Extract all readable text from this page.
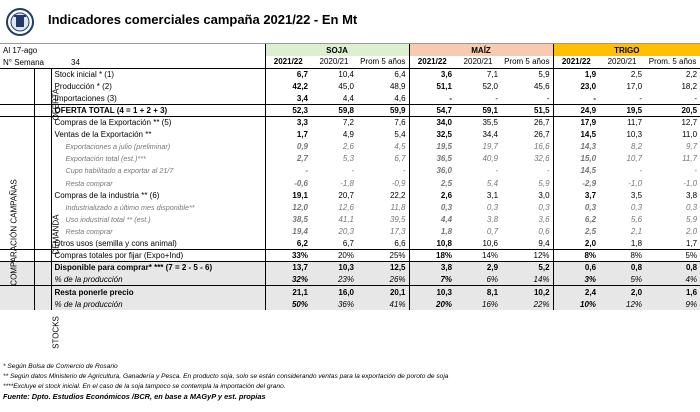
Indicadores comerciales campaña 2021/22 - En Mt
Al 17-ago
N° Semana	34
			SOJA			MAÍZ			TRIGO		
			2021/22	2020/21	Prom 5 años	2021/22	2020/21	Prom 5 años	2021/22	2020/21	Prom. 5 años
		Stock inicial * (1)	6,7	10,4	6,4	3,6	7,1	5,9	1,9	2,5	2,2
		Producción * (2)	42,2	45,0	48,9	51,1	52,0	45,6	23,0	17,0	18,2
		Importaciones (3)	3,4	4,4	4,6	-	-	-	-	-	-
		OFERTA TOTAL (4 = 1 + 2 + 3)	52,3	59,8	59,9	54,7	59,1	51,5	24,9	19,5	20,5
		Compras de la Exportación ** (5)	3,3	7,2	7,6	34,0	35,5	26,7	17,9	11,7	12,7
		Ventas de la Exportación **	1,7	4,9	5,4	32,5	34,4	26,7	14,5	10,3	11,0
		Exportaciones a julio (preliminar)	0,9	2,6	4,5	19,5	19,7	16,6	14,3	8,2	9,7
		Exportación total (est.)***	2,7	5,3	6,7	36,5	40,9	32,6	15,0	10,7	11,7
		Cupo habilitado a exportar al 21/7	-	-	-	36,0	-	-	14,5	-	-
		Resta comprar	-0,6	-1,8	-0,9	2,5	5,4	5,9	-2,9	-1,0	-1,0
		Compras de la industria ** (6)	19,1	20,7	22,2	2,6	3,1	3,0	3,7	3,5	3,8
		Industrializado a último mes disponible**	12,0	12,6	11,8	0,3	0,3	0,3	0,3	0,3	0,3
		Uso industrial total ** (est.)	38,5	41,1	39,5	4,4	3,8	3,6	6,2	5,6	5,9
		Resta comprar	19,4	20,3	17,3	1,8	0,7	0,6	2,5	2,1	2,0
		Otros usos (semilla y cons animal)	6,2	6,7	6,6	10,8	10,6	9,4	2,0	1,8	1,7
		Compras totales por fijar (Expo+Ind)	33%	20%	25%	18%	14%	12%	8%	8%	5%
		Disponible para comprar* *** (7 = 2 - 5 - 6)	13,7	10,3	12,5	3,8	2,9	5,2	0,6	0,8	0,8
		% de la producción	32%	23%	26%	7%	6%	14%	3%	5%	4%
		Resta ponerle precio	21,1	16,0	20,1	10,3	8,1	10,2	2,4	2,0	1,6
		% de la producción	50%	36%	41%	20%	16%	22%	10%	12%	9%
COMPARACIÓN CAMPAÑAS
OFERTA
DEMANDA
STOCKS
* Según Bolsa de Comercio de Rosario
** Según datos Ministerio de Agricultura, Ganadería y Pesca. En producto soja, solo se están considerando ventas para la exportación de poroto de soja
****Excluye el stock inicial. En el caso de la soja tampoco se contempla la importación del grano.
Fuente: Dpto. Estudios Económicos /BCR, en base a MAGyP y est. propias
